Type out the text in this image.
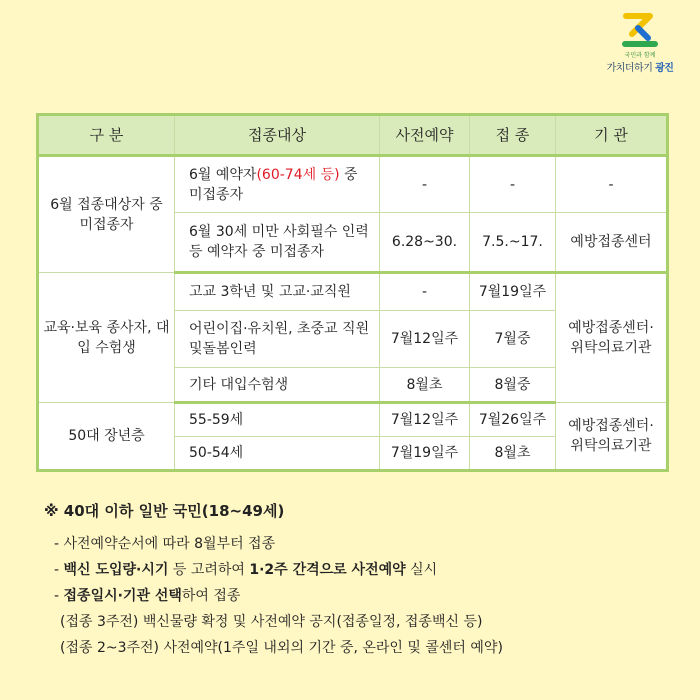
국민과 함께
가치더하기 광진
구 분	접종대상	사전예약	접 종	기 관
6월 접종대상자 중 미접종자	6월 예약자(60-74세 등) 중 미접종자	-	-	-
	6월 30세 미만 사회필수 인력등 예약자 중 미접종자	6.28~30.	7.5.~17.	예방접종센터
교육·보육 종사자, 대입 수험생	고교 3학년 및 고교·교직원	-	7월19일주	예방접종센터· 위탁의료기관
	어린이집·유치원, 초중교 직원 및돌봄인력	7월12일주	7월중	
	기타 대입수험생	8월초	8월중	
50대 장년층	55-59세	7월12일주	7월26일주	예방접종센터· 위탁의료기관
	50-54세	7월19일주	8월초	
※ 40대 이하 일반 국민(18~49세)
- 사전예약순서에 따라 8월부터 접종
- 백신 도입량·시기 등 고려하여 1·2주 간격으로 사전예약 실시
- 접종일시·기관 선택하여 접종
(접종 3주전) 백신물량 확정 및 사전예약 공지(접종일정, 접종백신 등)
(접종 2~3주전) 사전예약(1주일 내외의 기간 중, 온라인 및 콜센터 예약)
